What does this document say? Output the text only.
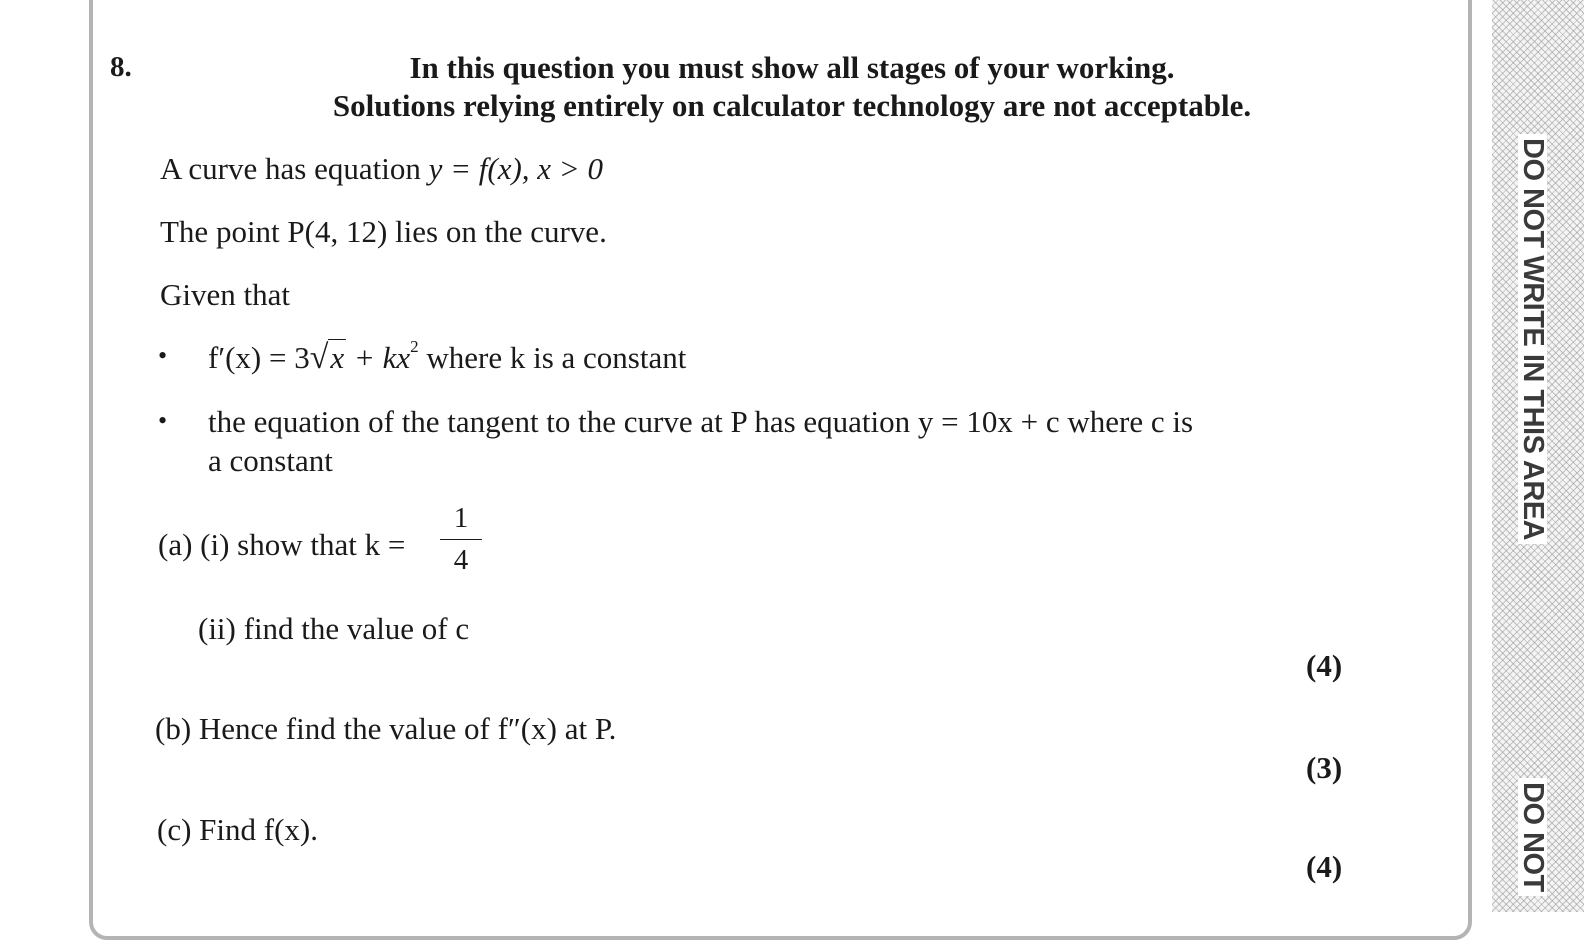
DO NOT WRITE IN THIS AREA
DO NOT
8.	In this question you must show all stages of your working.
Solutions relying entirely on calculator technology are not acceptable.
A curve has equation y = f(x), x > 0
The point P(4, 12) lies on the curve.
Given that
• $f'(x) = 3√x + kx^2$ where k is a constant
• the equation of the tangent to the curve at P has equation y = 10x + c where c is
a constant
(a) (i) show that k =
1
4
(ii) find the value of c
(4)
(b) Hence find the value of f″(x) at P.
(3)
(c) Find f(x).
(4)
